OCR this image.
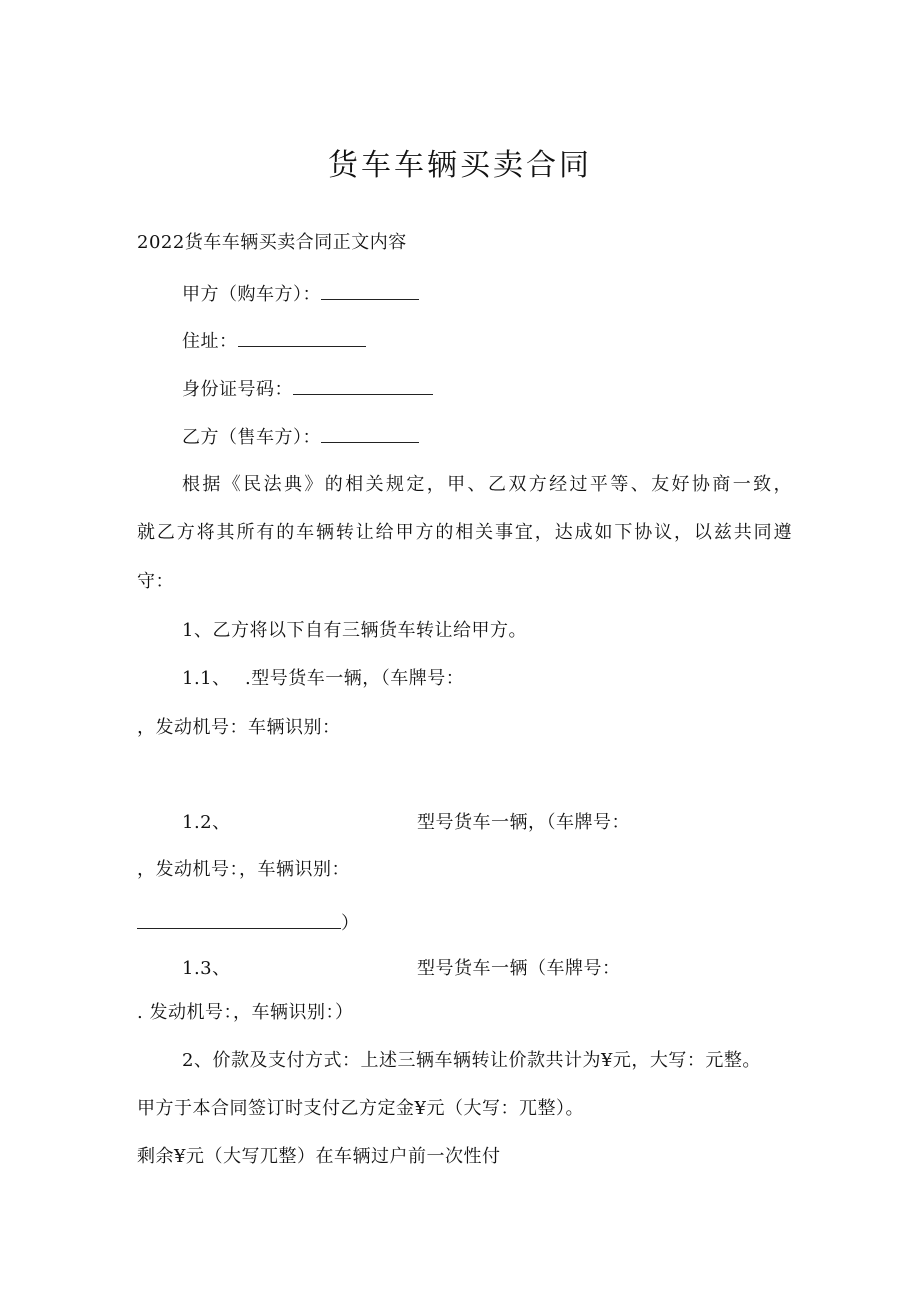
货车车辆买卖合同
2022货车车辆买卖合同正文内容
甲方（购车方）：
住址：
身份证号码：
乙方（售车方）：
根据《民法典》的相关规定，甲、乙双方经过平等、友好协商一致，
就乙方将其所有的车辆转让给甲方的相关事宜，达成如下协议，以兹共同遵
守：
1、乙方将以下自有三辆货车转让给甲方。
1.1、 .型号货车一辆，（车牌号：
，发动机号：车辆识别：
1.2、	型号货车一辆，（车牌号：
，发动机号：，车辆识别：
）
1.3、	型号货车一辆（车牌号：
. 发动机号：，车辆识别：）
2、价款及支付方式：上述三辆车辆转让价款共计为¥元，大写：元整。
甲方于本合同签订时支付乙方定金¥元（大写：兀整）。
剩余¥元（大写兀整）在车辆过户前一次性付
